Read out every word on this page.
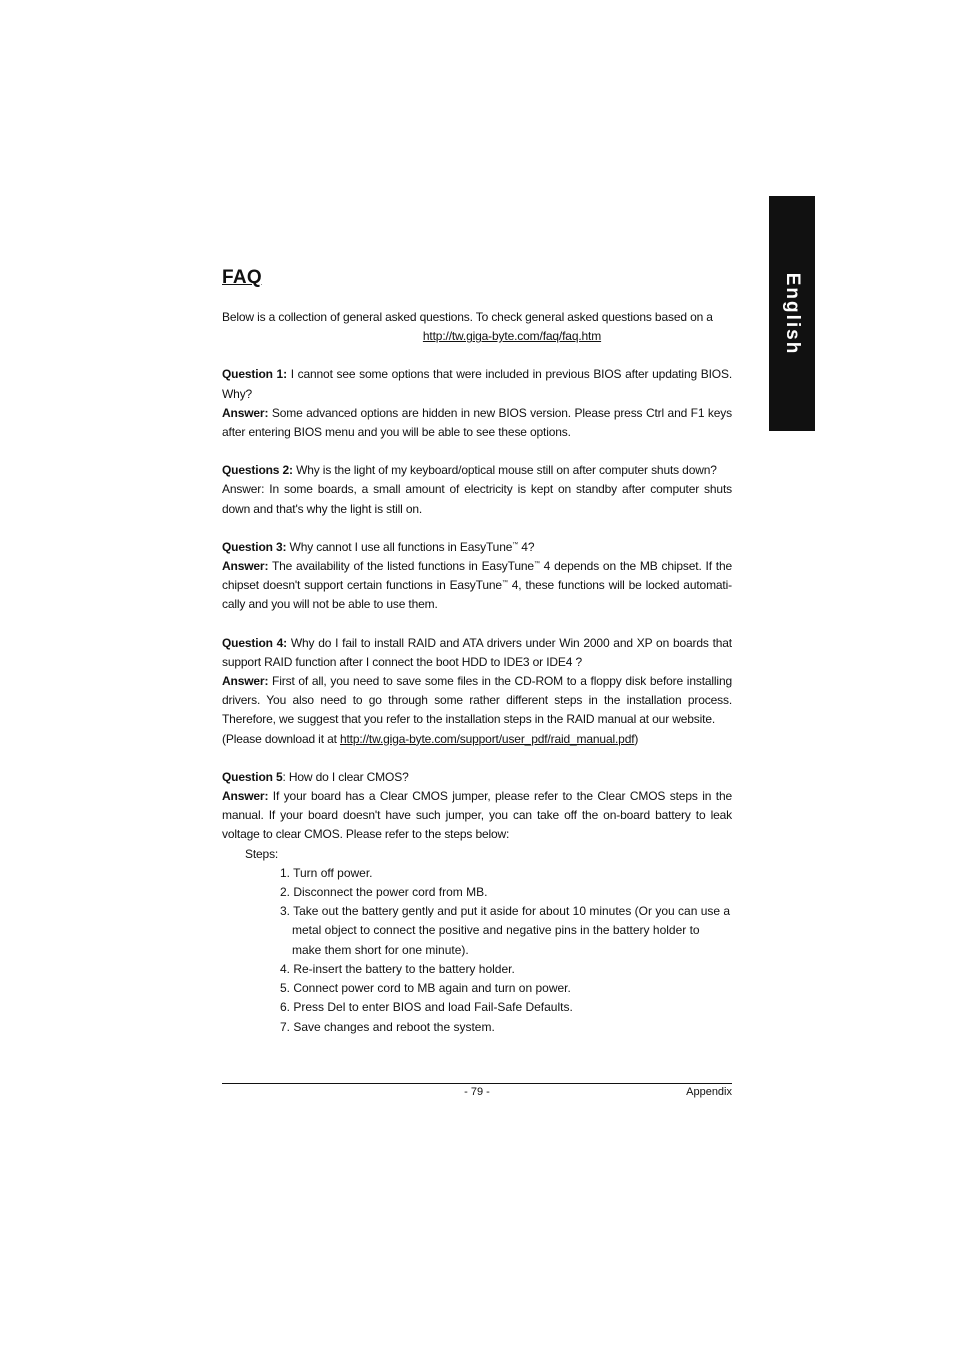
English
FAQ

Below is a collection of general asked questions. To check general asked questions based on a

http://tw.giga-byte.com/faq/faq.htm

Question 1: I cannot see some options that were included in previous BIOS after updating BIOS. Why?

Answer: Some advanced options are hidden in new BIOS version. Please press Ctrl and F1 keys after entering BIOS menu and you will be able to see these options.

Questions 2: Why is the light of my keyboard/optical mouse still on after computer shuts down?

Answer: In some boards, a small amount of electricity is kept on standby after computer shuts down and that's why the light is still on.

Question 3: Why cannot I use all functions in EasyTune™ 4?

Answer: The availability of the listed functions in EasyTune™ 4 depends on the MB chipset. If the chipset doesn't support certain functions in EasyTune™ 4, these functions will be locked automati-cally and you will not be able to use them.

Question 4: Why do I fail to install RAID and ATA drivers under Win 2000 and XP on boards that support RAID function after I connect the boot HDD to IDE3 or IDE4 ?

Answer: First of all, you need to save some files in the CD-ROM to a floppy disk before installing drivers. You also need to go through some rather different steps in the installation process. Therefore, we suggest that you refer to the installation steps in the RAID manual at our website.

(Please download it at http://tw.giga-byte.com/support/user_pdf/raid_manual.pdf)

Question 5: How do I clear CMOS?

Answer: If your board has a Clear CMOS jumper, please refer to the Clear CMOS steps in the manual. If your board doesn't have such jumper, you can take off the on-board battery to leak voltage to clear CMOS. Please refer to the steps below:

Steps:

1. Turn off power.
2. Disconnect the power cord from MB.
3. Take out the battery gently and put it aside for about 10 minutes (Or you can use a metal object to connect the positive and negative pins in the battery holder to make them short for one minute).
4. Re-insert the battery to the battery holder.
5. Connect power cord to MB again and turn on power.
6. Press Del to enter BIOS and load Fail-Safe Defaults.
7. Save changes and reboot the system.
- 79 -	Appendix
